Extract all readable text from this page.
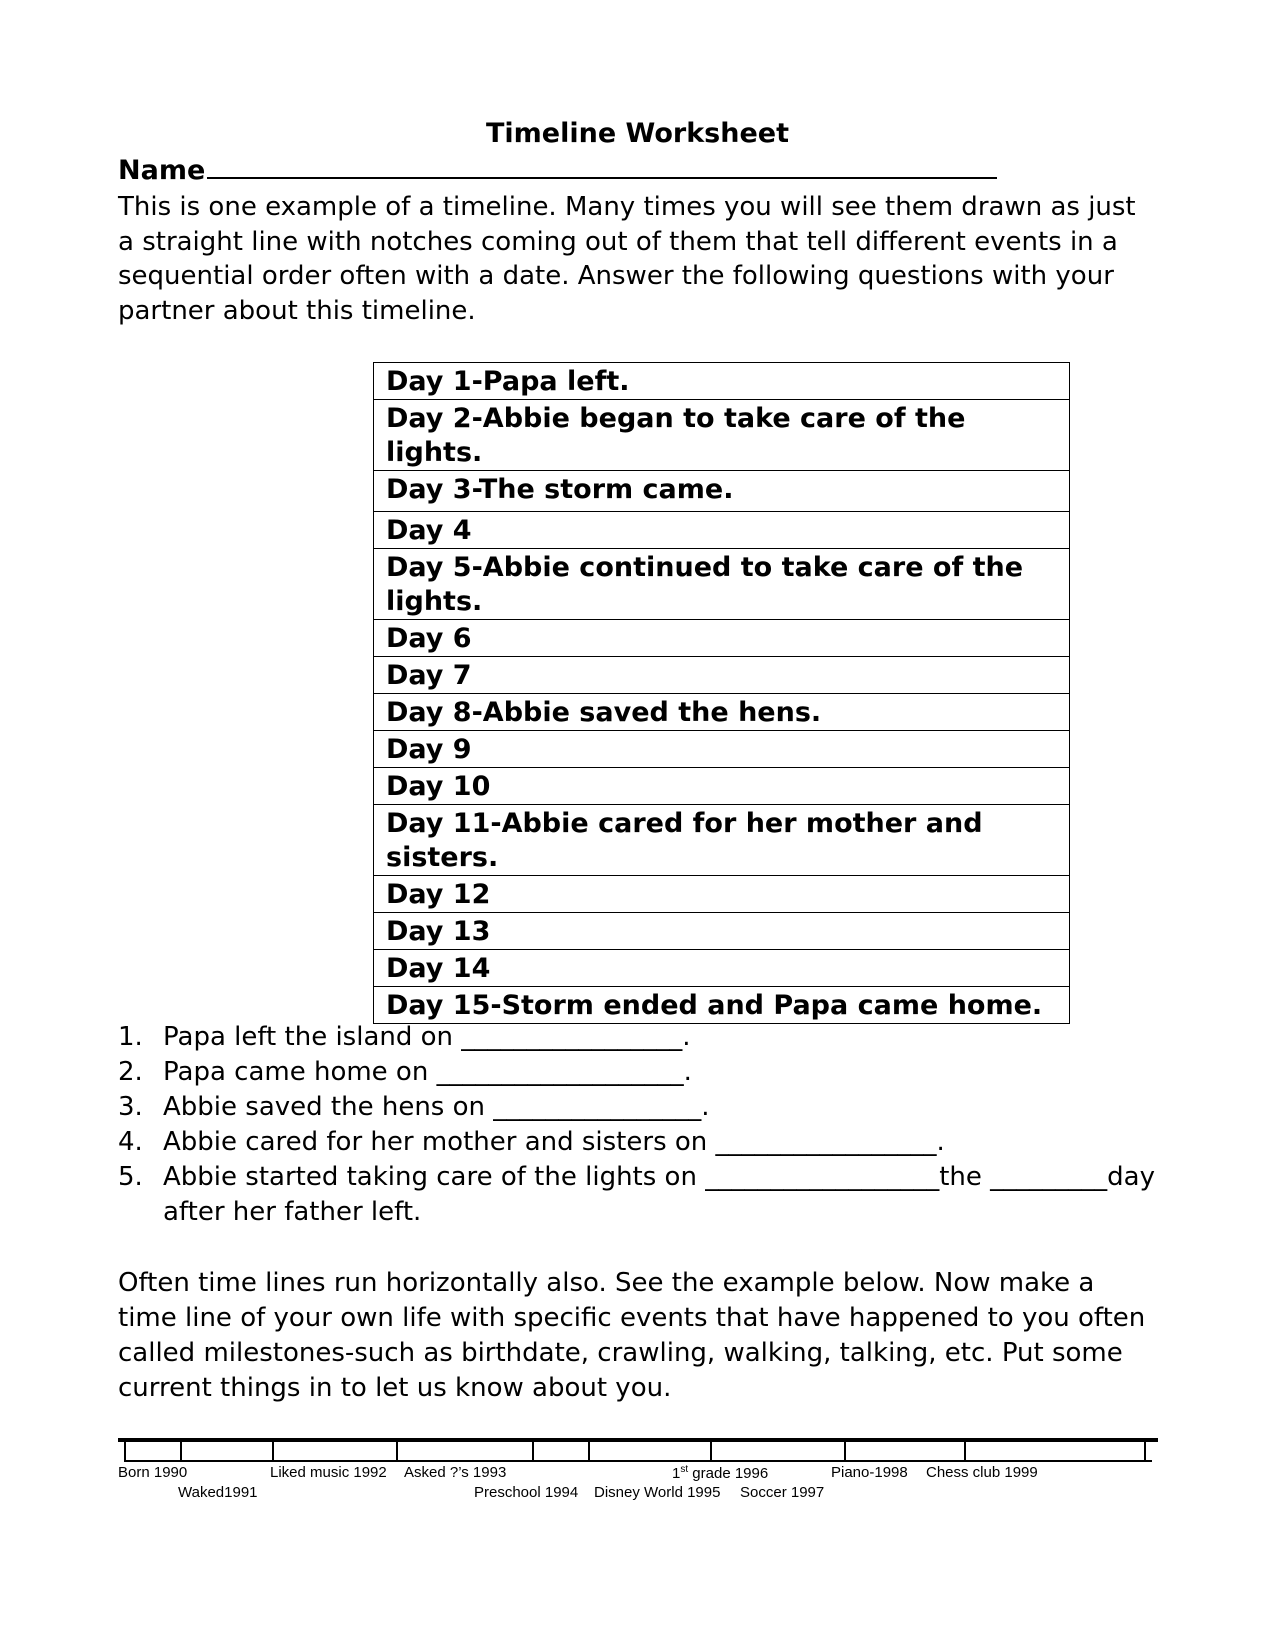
Timeline Worksheet
Name

This is one example of a timeline. Many times you will see them drawn as just

a straight line with notches coming out of them that tell different events in a

sequential order often with a date. Answer the following questions with your

partner about this timeline.

Day 1-Papa left.
Day 2-Abbie began to take care of the lights.
Day 3-The storm came.
Day 4
Day 5-Abbie continued to take care of the lights.
Day 6
Day 7
Day 8-Abbie saved the hens.
Day 9
Day 10
Day 11-Abbie cared for her mother and sisters.
Day 12
Day 13
Day 14
Day 15-Storm ended and Papa came home.
1. Papa left the island on _________________.
2. Papa came home on ___________________.
3. Abbie saved the hens on ________________.
4. Abbie cared for her mother and sisters on _________________.
5. Abbie started taking care of the lights on __________________the _________day after her father left.

Often time lines run horizontally also. See the example below. Now make a

time line of your own life with specific events that have happened to you often

called milestones-such as birthdate, crawling, walking, talking, etc. Put some

current things in to let us know about you.

Born 1990	Liked music 1992 Asked ?’s 1993	1st grade 1996	Piano-1998 Chess club 1999
Waked1991	Preschool 1994 Disney World 1995 Soccer 1997
